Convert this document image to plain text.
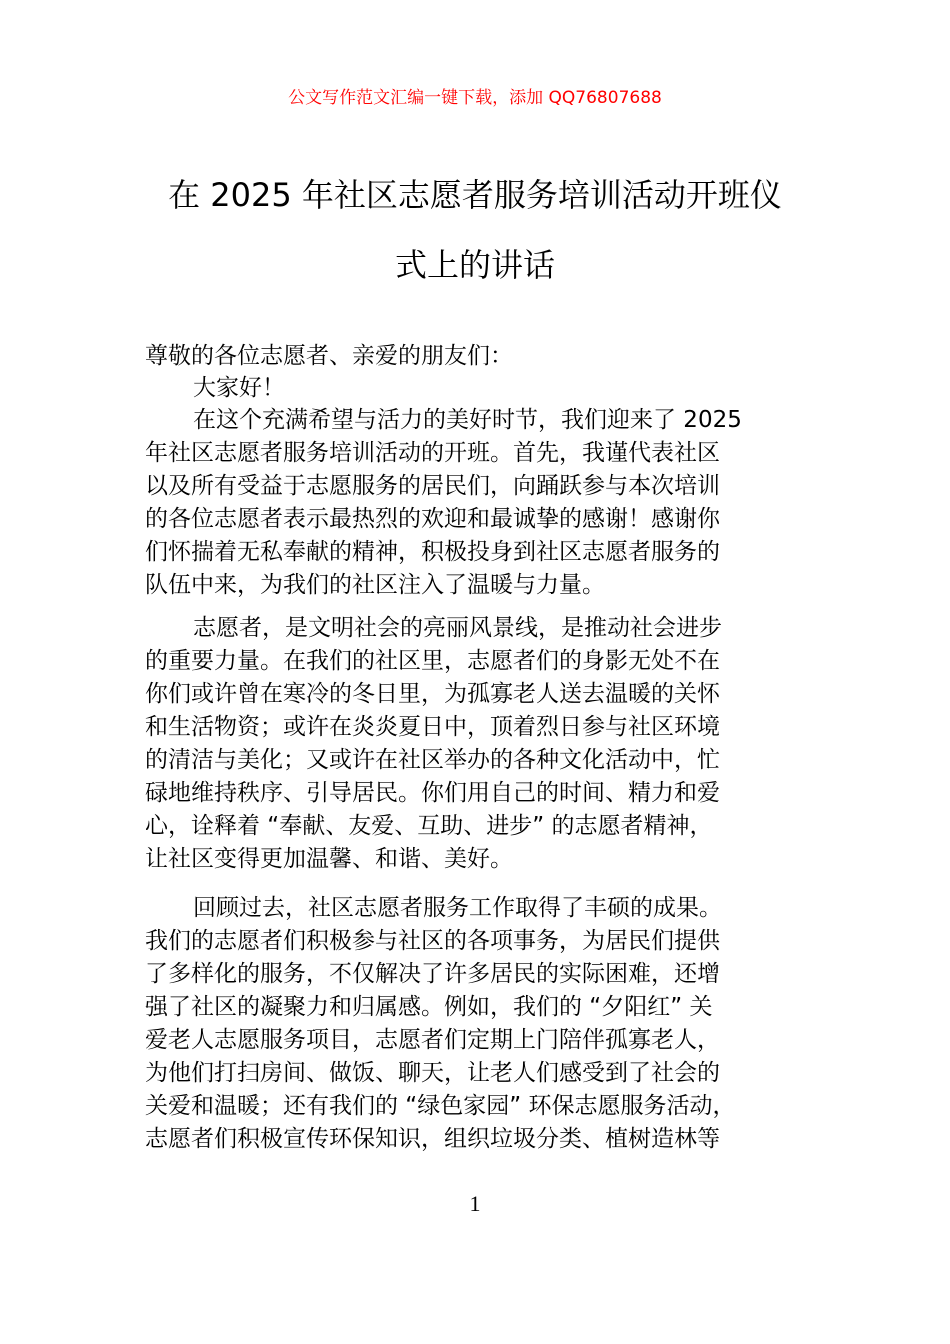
公文写作范文汇编一键下载，添加 QQ76807688
在 2025 年社区志愿者服务培训活动开班仪
式上的讲话
尊敬的各位志愿者、亲爱的朋友们：
大家好！
在这个充满希望与活力的美好时节，我们迎来了 2025
年社区志愿者服务培训活动的开班。首先，我谨代表社区
以及所有受益于志愿服务的居民们，向踊跃参与本次培训
的各位志愿者表示最热烈的欢迎和最诚挚的感谢！感谢你
们怀揣着无私奉献的精神，积极投身到社区志愿者服务的
队伍中来，为我们的社区注入了温暖与力量。
志愿者，是文明社会的亮丽风景线，是推动社会进步
的重要力量。在我们的社区里，志愿者们的身影无处不在
你们或许曾在寒冷的冬日里，为孤寡老人送去温暖的关怀
和生活物资；或许在炎炎夏日中，顶着烈日参与社区环境
的清洁与美化；又或许在社区举办的各种文化活动中，忙
碌地维持秩序、引导居民。你们用自己的时间、精力和爱
心，诠释着 “奉献、友爱、互助、进步” 的志愿者精神，
让社区变得更加温馨、和谐、美好。
回顾过去，社区志愿者服务工作取得了丰硕的成果。
我们的志愿者们积极参与社区的各项事务，为居民们提供
了多样化的服务，不仅解决了许多居民的实际困难，还增
强了社区的凝聚力和归属感。例如，我们的 “夕阳红” 关
爱老人志愿服务项目，志愿者们定期上门陪伴孤寡老人，
为他们打扫房间、做饭、聊天，让老人们感受到了社会的
关爱和温暖；还有我们的 “绿色家园” 环保志愿服务活动，
志愿者们积极宣传环保知识，组织垃圾分类、植树造林等
1
